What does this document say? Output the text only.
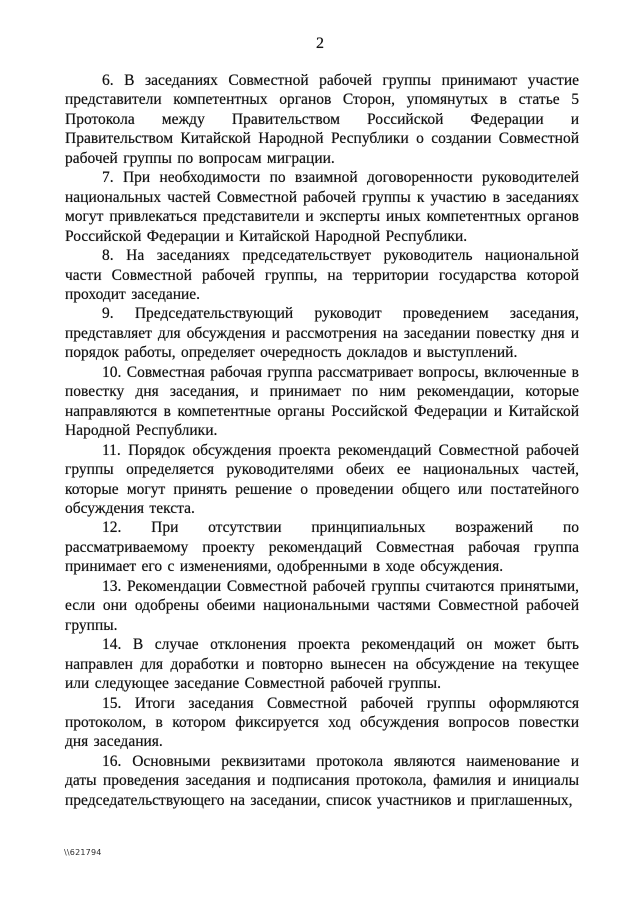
2

6. В заседаниях Совместной рабочей группы принимают участие представители компетентных органов Сторон, упомянутых в статье 5 Протокола между Правительством Российской Федерации и Правительством Китайской Народной Республики о создании Совместной рабочей группы по вопросам миграции.

7. При необходимости по взаимной договоренности руководителей национальных частей Совместной рабочей группы к участию в заседаниях могут привлекаться представители и эксперты иных компетентных органов Российской Федерации и Китайской Народной Республики.

8. На заседаниях председательствует руководитель национальной части Совместной рабочей группы, на территории государства которой проходит заседание.

9. Председательствующий руководит проведением заседания, представляет для обсуждения и рассмотрения на заседании повестку дня и порядок работы, определяет очередность докладов и выступлений.

10. Совместная рабочая группа рассматривает вопросы, включенные в повестку дня заседания, и принимает по ним рекомендации, которые направляются в компетентные органы Российской Федерации и Китайской Народной Республики.

11. Порядок обсуждения проекта рекомендаций Совместной рабочей группы определяется руководителями обеих ее национальных частей, которые могут принять решение о проведении общего или постатейного обсуждения текста.

12. При отсутствии принципиальных возражений по рассматриваемому проекту рекомендаций Совместная рабочая группа принимает его с изменениями, одобренными в ходе обсуждения.

13. Рекомендации Совместной рабочей группы считаются принятыми, если они одобрены обеими национальными частями Совместной рабочей группы.

14. В случае отклонения проекта рекомендаций он может быть направлен для доработки и повторно вынесен на обсуждение на текущее или следующее заседание Совместной рабочей группы.

15. Итоги заседания Совместной рабочей группы оформляются протоколом, в котором фиксируется ход обсуждения вопросов повестки дня заседания.

16. Основными реквизитами протокола являются наименование и даты проведения заседания и подписания протокола, фамилия и инициалы председательствующего на заседании, список участников и приглашенных,

\\621794
